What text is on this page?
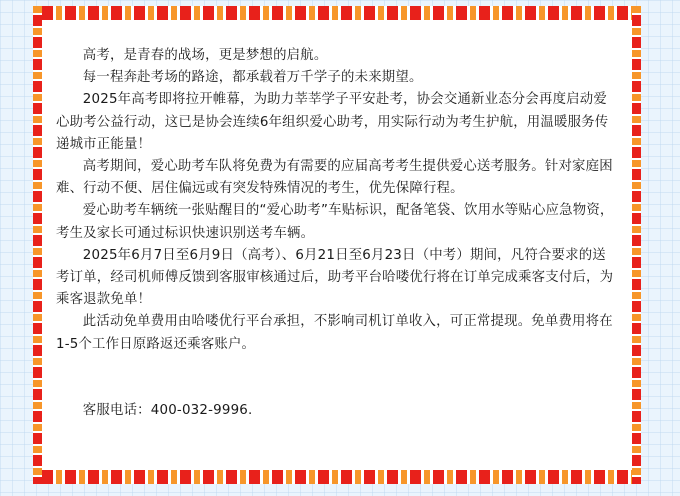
高考，是青春的战场，更是梦想的启航。

每一程奔赴考场的路途，都承载着万千学子的未来期望。

2025年高考即将拉开帷幕，为助力莘莘学子平安赴考，协会交通新业态分会再度启动爱心助考公益行动，这已是协会连续6年组织爱心助考，用实际行动为考生护航，用温暖服务传递城市正能量！

高考期间，爱心助考车队将免费为有需要的应届高考考生提供爱心送考服务。针对家庭困难、行动不便、居住偏远或有突发特殊情况的考生，优先保障行程。

爱心助考车辆统一张贴醒目的“爱心助考”车贴标识，配备笔袋、饮用水等贴心应急物资，考生及家长可通过标识快速识别送考车辆。

2025年6月7日至6月9日（高考）、6月21日至6月23日（中考）期间，凡符合要求的送考订单，经司机师傅反馈到客服审核通过后，助考平台哈喽优行将在订单完成乘客支付后，为乘客退款免单！

此活动免单费用由哈喽优行平台承担，不影响司机订单收入，可正常提现。免单费用将在1-5个工作日原路返还乘客账户。

客服电话：400-032-9996.
